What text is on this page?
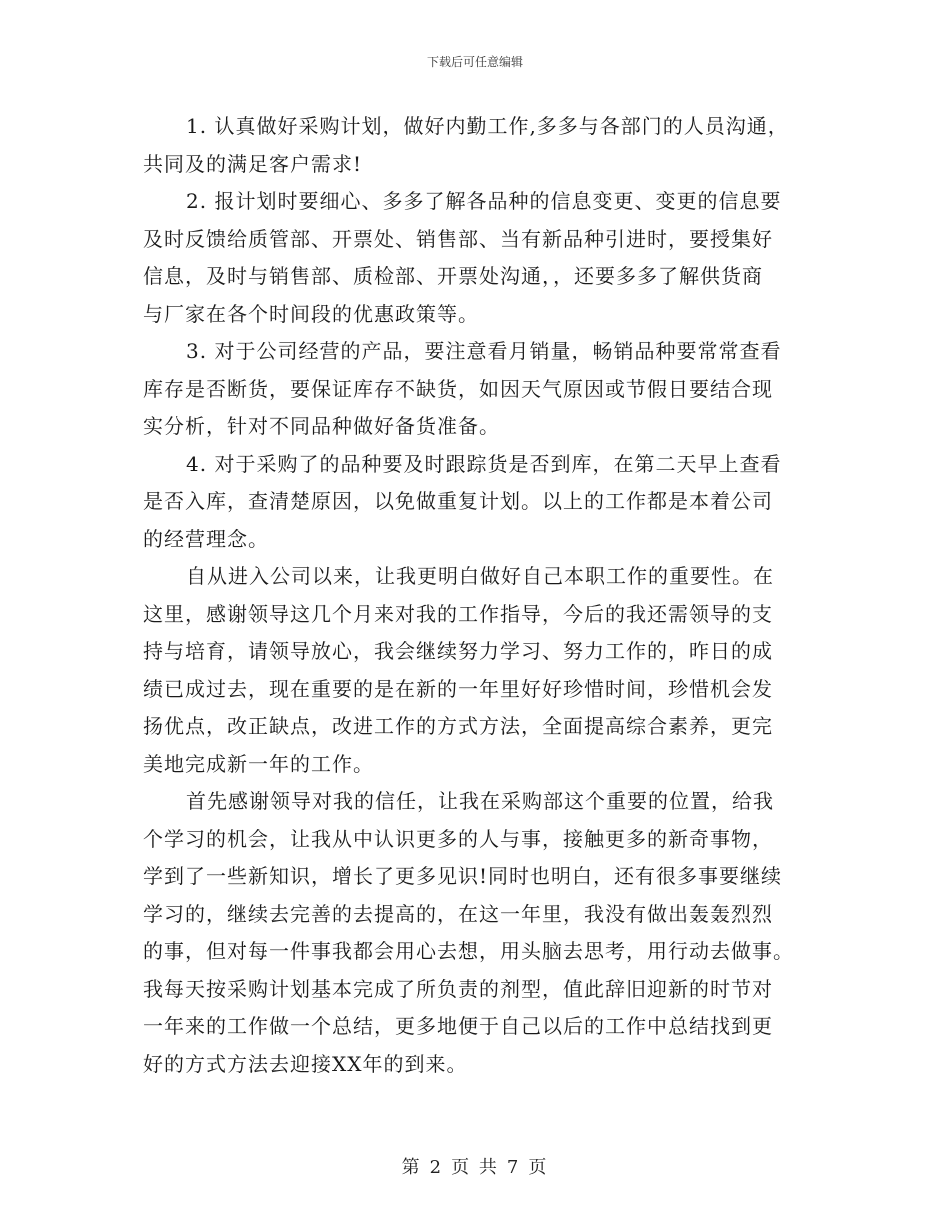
下载后可任意编辑

1. 认真做好采购计划，做好内勤工作,多多与各部门的人员沟通，
共同及的满足客户需求!

2. 报计划时要细心、多多了解各品种的信息变更、变更的信息要
及时反馈给质管部、开票处、销售部、当有新品种引进时，要授集好
信息，及时与销售部、质检部、开票处沟通，，还要多多了解供货商
与厂家在各个时间段的优惠政策等。

3. 对于公司经营的产品，要注意看月销量，畅销品种要常常查看
库存是否断货，要保证库存不缺货，如因天气原因或节假日要结合现
实分析，针对不同品种做好备货准备。

4. 对于采购了的品种要及时跟踪货是否到库，在第二天早上查看
是否入库，查清楚原因，以免做重复计划。以上的工作都是本着公司
的经营理念。

自从进入公司以来，让我更明白做好自己本职工作的重要性。在
这里，感谢领导这几个月来对我的工作指导，今后的我还需领导的支
持与培育，请领导放心，我会继续努力学习、努力工作的，昨日的成
绩已成过去，现在重要的是在新的一年里好好珍惜时间，珍惜机会发
扬优点，改正缺点，改进工作的方式方法，全面提高综合素养，更完
美地完成新一年的工作。

首先感谢领导对我的信任，让我在采购部这个重要的位置，给我
个学习的机会，让我从中认识更多的人与事，接触更多的新奇事物，
学到了一些新知识，增长了更多见识!同时也明白，还有很多事要继续
学习的，继续去完善的去提高的，在这一年里，我没有做出轰轰烈烈
的事，但对每一件事我都会用心去想，用头脑去思考，用行动去做事。
我每天按采购计划基本完成了所负责的剂型，值此辞旧迎新的时节对
一年来的工作做一个总结，更多地便于自己以后的工作中总结找到更
好的方式方法去迎接XX年的到来。

第 2 页 共 7 页
